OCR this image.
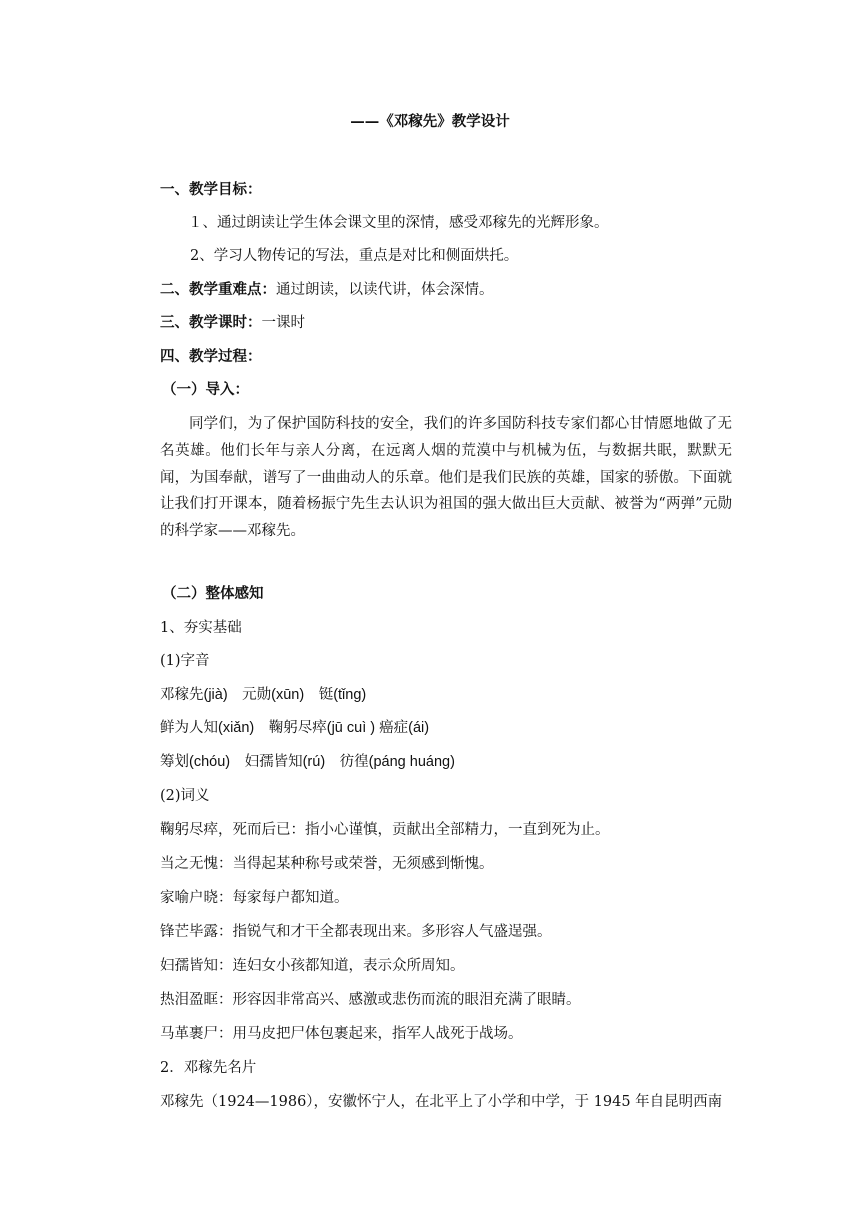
——《邓稼先》教学设计
一、教学目标：
１、通过朗读让学生体会课文里的深情，感受邓稼先的光辉形象。
2、学习人物传记的写法，重点是对比和侧面烘托。
二、教学重难点：通过朗读，以读代讲，体会深情。
三、教学课时：一课时
四、教学过程：
（一）导入：
同学们，为了保护国防科技的安全，我们的许多国防科技专家们都心甘情愿地做了无名英雄。他们长年与亲人分离，在远离人烟的荒漠中与机械为伍，与数据共眠，默默无闻，为国奉献，谱写了一曲曲动人的乐章。他们是我们民族的英雄，国家的骄傲。下面就让我们打开课本，随着杨振宁先生去认识为祖国的强大做出巨大贡献、被誉为“两弹”元勋的科学家——邓稼先。
（二）整体感知
1、夯实基础
(1)字音
邓稼先(jià)　元勋(xūn)　铤(tǐnɡ)
鲜为人知(xiǎn)　鞠躬尽瘁(jū cuì ) 癌症(ái)
筹划(chóu)　妇孺皆知(rú)　彷徨(pánɡ huánɡ)
(2)词义
鞠躬尽瘁，死而后已：指小心谨慎，贡献出全部精力，一直到死为止。
当之无愧：当得起某种称号或荣誉，无须感到惭愧。
家喻户晓：每家每户都知道。
锋芒毕露：指锐气和才干全都表现出来。多形容人气盛逞强。
妇孺皆知：连妇女小孩都知道，表示众所周知。
热泪盈眶：形容因非常高兴、感激或悲伤而流的眼泪充满了眼睛。
马革裹尸：用马皮把尸体包裹起来，指军人战死于战场。
2．邓稼先名片
邓稼先（1924—1986），安徽怀宁人，在北平上了小学和中学，于 1945 年自昆明西南
